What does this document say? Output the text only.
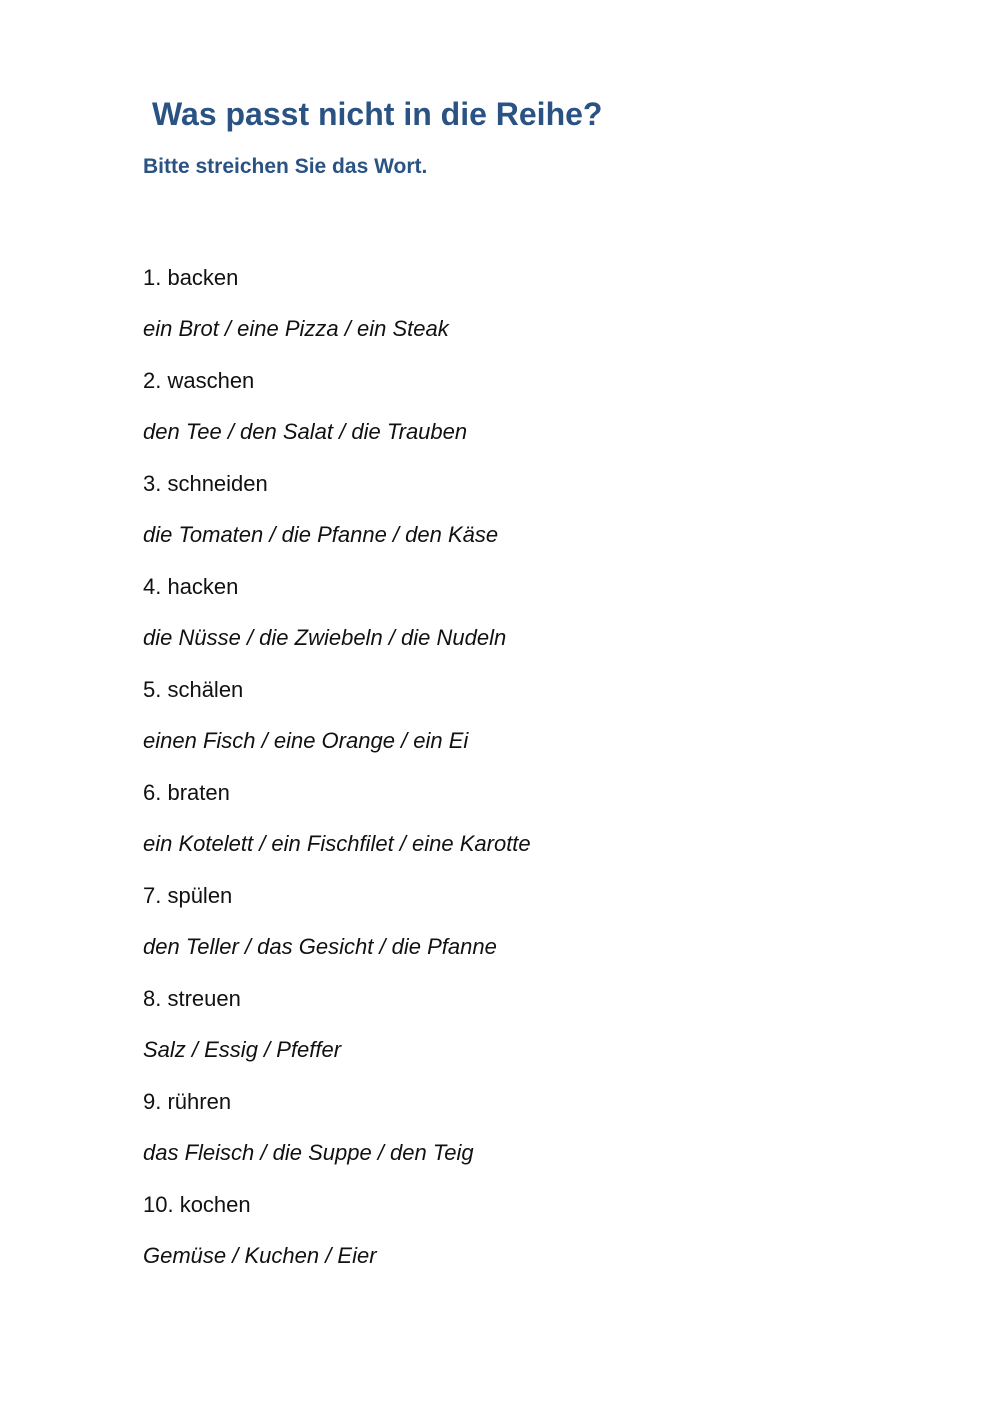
Was passt nicht in die Reihe?
Bitte streichen Sie das Wort.
1. backen
ein Brot / eine Pizza / ein Steak
2. waschen
den Tee / den Salat / die Trauben
3. schneiden
die Tomaten / die Pfanne / den Käse
4. hacken
die Nüsse / die Zwiebeln / die Nudeln
5. schälen
einen Fisch / eine Orange / ein Ei
6. braten
ein Kotelett / ein Fischfilet / eine Karotte
7. spülen
den Teller / das Gesicht / die Pfanne
8. streuen
Salz / Essig / Pfeffer
9. rühren
das Fleisch / die Suppe / den Teig
10. kochen
Gemüse / Kuchen / Eier
